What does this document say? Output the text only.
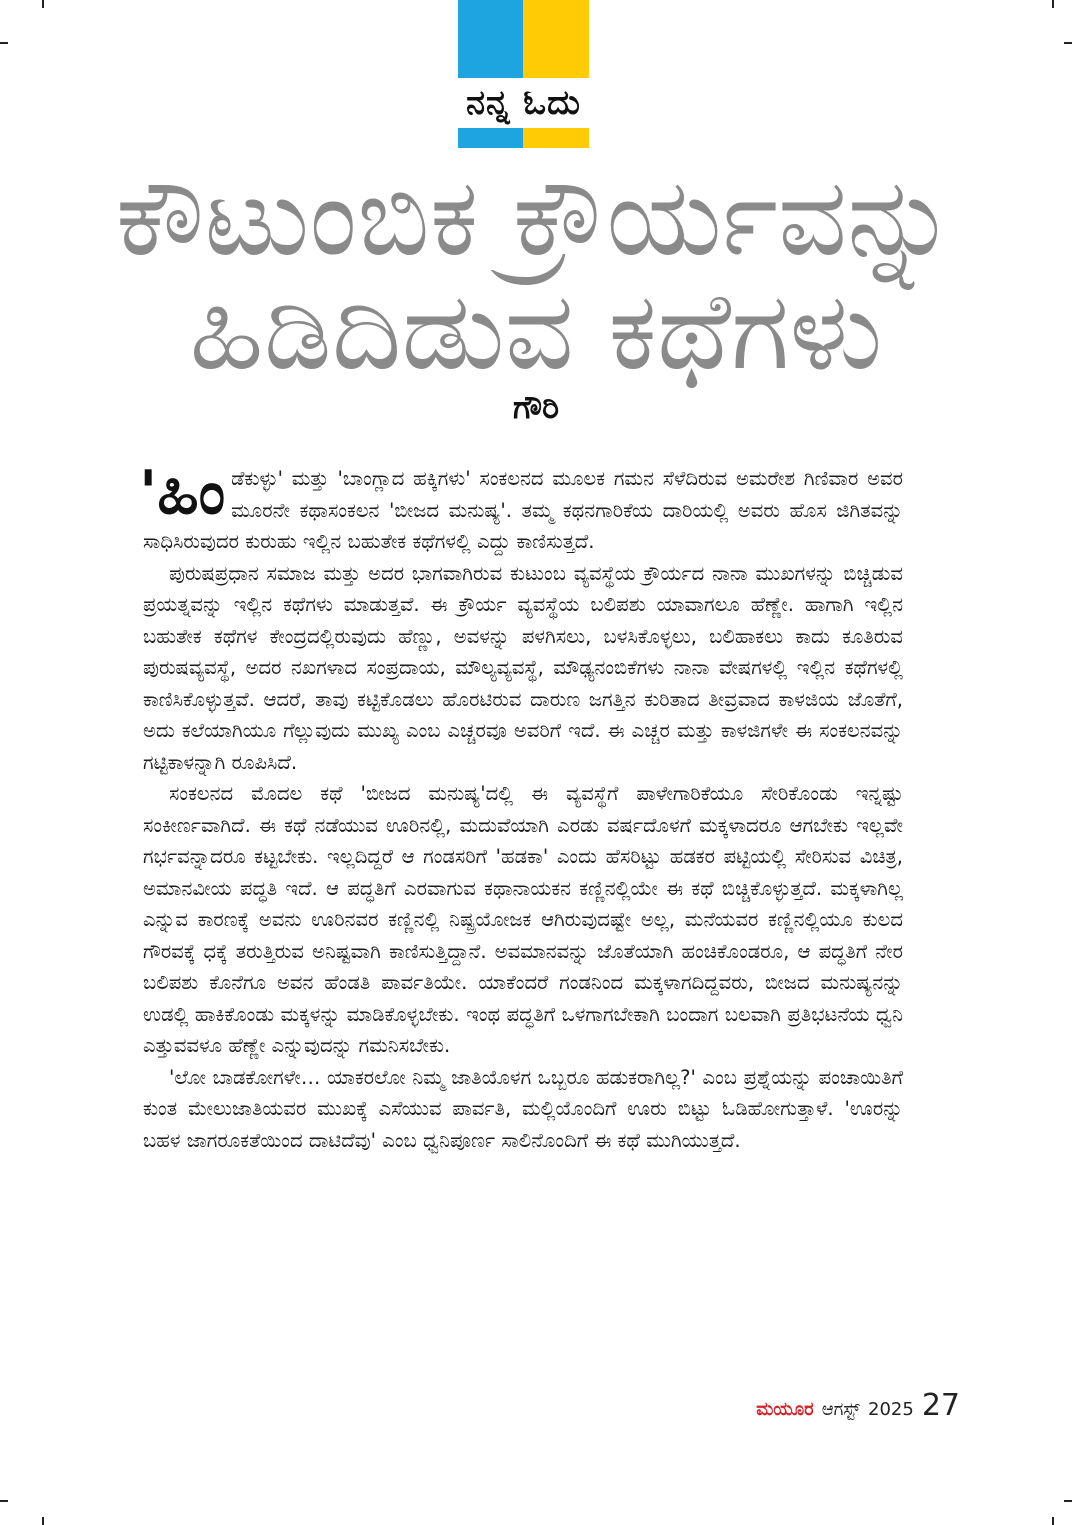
ನನ್ನ ಓದು
ಕೌಟುಂಬಿಕ ಕ್ರೌರ್ಯವನ್ನು
ಹಿಡಿದಿಡುವ ಕಥೆಗಳು
ಗೌರಿ

'ಹಿಂಡೆಕುಳ್ಳು' ಮತ್ತು 'ಬಾಂಗ್ಲಾದ ಹಕ್ಕಿಗಳು' ಸಂಕಲನದ ಮೂಲಕ ಗಮನ ಸೆಳೆದಿರುವ ಅಮರೇಶ ಗಿಣಿವಾರ ಅವರ ಮೂರನೇ ಕಥಾಸಂಕಲನ 'ಬೀಜದ ಮನುಷ್ಯ'. ತಮ್ಮ ಕಥನಗಾರಿಕೆಯ ದಾರಿಯಲ್ಲಿ ಅವರು ಹೊಸ ಜಿಗಿತವನ್ನು ಸಾಧಿಸಿರುವುದರ ಕುರುಹು ಇಲ್ಲಿನ ಬಹುತೇಕ ಕಥೆಗಳಲ್ಲಿ ಎದ್ದು ಕಾಣಿಸುತ್ತದೆ.

ಪುರುಷಪ್ರಧಾನ ಸಮಾಜ ಮತ್ತು ಅದರ ಭಾಗವಾಗಿರುವ ಕುಟುಂಬ ವ್ಯವಸ್ಥೆಯ ಕ್ರೌರ್ಯದ ನಾನಾ ಮುಖಗಳನ್ನು ಬಿಚ್ಚಿಡುವ ಪ್ರಯತ್ನವನ್ನು ಇಲ್ಲಿನ ಕಥೆಗಳು ಮಾಡುತ್ತವೆ. ಈ ಕ್ರೌರ್ಯ ವ್ಯವಸ್ಥೆಯ ಬಲಿಪಶು ಯಾವಾಗಲೂ ಹೆಣ್ಣೇ. ಹಾಗಾಗಿ ಇಲ್ಲಿನ ಬಹುತೇಕ ಕಥೆಗಳ ಕೇಂದ್ರದಲ್ಲಿರುವುದು ಹೆಣ್ಣು, ಅವಳನ್ನು ಪಳಗಿಸಲು, ಬಳಸಿಕೊಳ್ಳಲು, ಬಲಿಹಾಕಲು ಕಾದು ಕೂತಿರುವ ಪುರುಷವ್ಯವಸ್ಥೆ, ಅದರ ನಖಗಳಾದ ಸಂಪ್ರದಾಯ, ಮೌಲ್ಯವ್ಯವಸ್ಥೆ, ಮೌಢ್ಯನಂಬಿಕೆಗಳು ನಾನಾ ವೇಷಗಳಲ್ಲಿ ಇಲ್ಲಿನ ಕಥೆಗಳಲ್ಲಿ ಕಾಣಿಸಿಕೊಳ್ಳುತ್ತವೆ. ಆದರೆ, ತಾವು ಕಟ್ಟಿಕೊಡಲು ಹೊರಟಿರುವ ದಾರುಣ ಜಗತ್ತಿನ ಕುರಿತಾದ ತೀವ್ರವಾದ ಕಾಳಜಿಯ ಜೊತೆಗೆ, ಅದು ಕಲೆಯಾಗಿಯೂ ಗೆಲ್ಲುವುದು ಮುಖ್ಯ ಎಂಬ ಎಚ್ಚರವೂ ಅವರಿಗೆ ಇದೆ. ಈ ಎಚ್ಚರ ಮತ್ತು ಕಾಳಜಿಗಳೇ ಈ ಸಂಕಲನವನ್ನು ಗಟ್ಟಿಕಾಳನ್ನಾಗಿ ರೂಪಿಸಿದೆ.

ಸಂಕಲನದ ಮೊದಲ ಕಥೆ 'ಬೀಜದ ಮನುಷ್ಯ'ದಲ್ಲಿ ಈ ವ್ಯವಸ್ಥೆಗೆ ಪಾಳೇಗಾರಿಕೆಯೂ ಸೇರಿಕೊಂಡು ಇನ್ನಷ್ಟು ಸಂಕೀರ್ಣವಾಗಿದೆ. ಈ ಕಥೆ ನಡೆಯುವ ಊರಿನಲ್ಲಿ, ಮದುವೆಯಾಗಿ ಎರಡು ವರ್ಷದೊಳಗೆ ಮಕ್ಕಳಾದರೂ ಆಗಬೇಕು ಇಲ್ಲವೇ ಗರ್ಭವನ್ನಾದರೂ ಕಟ್ಟಬೇಕು. ಇಲ್ಲದಿದ್ದರೆ ಆ ಗಂಡಸರಿಗೆ 'ಹಡಕಾ' ಎಂದು ಹೆಸರಿಟ್ಟು ಹಡಕರ ಪಟ್ಟಿಯಲ್ಲಿ ಸೇರಿಸುವ ವಿಚಿತ್ರ, ಅಮಾನವೀಯ ಪದ್ಧತಿ ಇದೆ. ಆ ಪದ್ಧತಿಗೆ ಎರವಾಗುವ ಕಥಾನಾಯಕನ ಕಣ್ಣಿನಲ್ಲಿಯೇ ಈ ಕಥೆ ಬಿಚ್ಚಿಕೊಳ್ಳುತ್ತದೆ. ಮಕ್ಕಳಾಗಿಲ್ಲ ಎನ್ನುವ ಕಾರಣಕ್ಕೆ ಅವನು ಊರಿನವರ ಕಣ್ಣಿನಲ್ಲಿ ನಿಷ್ಪ್ರಯೋಜಕ ಆಗಿರುವುದಷ್ಟೇ ಅಲ್ಲ, ಮನೆಯವರ ಕಣ್ಣಿನಲ್ಲಿಯೂ ಕುಲದ ಗೌರವಕ್ಕೆ ಧಕ್ಕೆ ತರುತ್ತಿರುವ ಅನಿಷ್ಟವಾಗಿ ಕಾಣಿಸುತ್ತಿದ್ದಾನೆ. ಅವಮಾನವನ್ನು ಜೊತೆಯಾಗಿ ಹಂಚಿಕೊಂಡರೂ, ಆ ಪದ್ಧತಿಗೆ ನೇರ ಬಲಿಪಶು ಕೊನೆಗೂ ಅವನ ಹೆಂಡತಿ ಪಾರ್ವತಿಯೇ. ಯಾಕೆಂದರೆ ಗಂಡನಿಂದ ಮಕ್ಕಳಾಗದಿದ್ದವರು, ಬೀಜದ ಮನುಷ್ಯನನ್ನು ಉಡಲ್ಲಿ ಹಾಕಿಕೊಂಡು ಮಕ್ಕಳನ್ನು ಮಾಡಿಕೊಳ್ಳಬೇಕು. ಇಂಥ ಪದ್ಧತಿಗೆ ಒಳಗಾಗಬೇಕಾಗಿ ಬಂದಾಗ ಬಲವಾಗಿ ಪ್ರತಿಭಟನೆಯ ಧ್ವನಿ ಎತ್ತುವವಳೂ ಹೆಣ್ಣೇ ಎನ್ನುವುದನ್ನು ಗಮನಿಸಬೇಕು.

'ಲೋ ಬಾಡಕೋಗಳೇ… ಯಾಕರಲೋ ನಿಮ್ಮ ಜಾತಿಯೊಳಗ ಒಬ್ಬರೂ ಹಡುಕರಾಗಿಲ್ಲ?' ಎಂಬ ಪ್ರಶ್ನೆಯನ್ನು ಪಂಚಾಯಿತಿಗೆ ಕುಂತ ಮೇಲುಜಾತಿಯವರ ಮುಖಕ್ಕೆ ಎಸೆಯುವ ಪಾರ್ವತಿ, ಮಲ್ಲಿಯೊಂದಿಗೆ ಊರು ಬಿಟ್ಟು ಓಡಿಹೋಗುತ್ತಾಳೆ. 'ಊರನ್ನು ಬಹಳ ಜಾಗರೂಕತೆಯಿಂದ ದಾಟಿದೆವು' ಎಂಬ ಧ್ವನಿಪೂರ್ಣ ಸಾಲಿನೊಂದಿಗೆ ಈ ಕಥೆ ಮುಗಿಯುತ್ತದೆ.

ಮಯೂರ ಆಗಸ್ಟ್ 2025 27
